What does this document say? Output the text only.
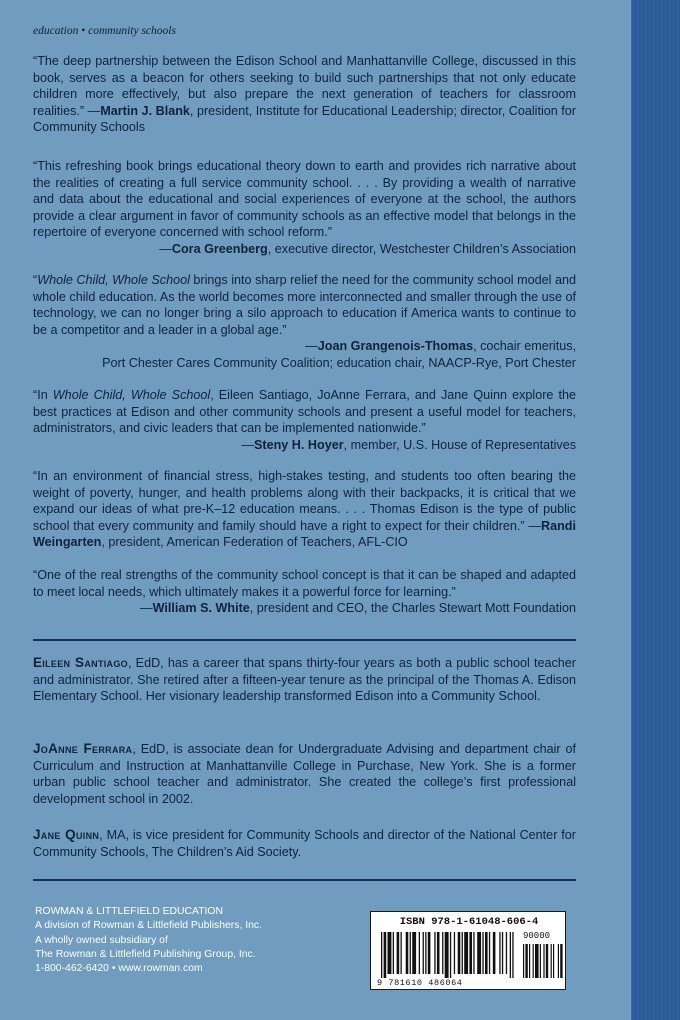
education • community schools
“The deep partnership between the Edison School and Manhattanville College, discussed in this book, serves as a beacon for others seeking to build such partnerships that not only educate children more effectively, but also prepare the next generation of teachers for classroom realities.” —Martin J. Blank, president, Institute for Educational Leadership; director, Coalition for Community Schools
“This refreshing book brings educational theory down to earth and provides rich narrative about the realities of creating a full service community school. . . . By providing a wealth of narrative and data about the educational and social experiences of everyone at the school, the authors provide a clear argument in favor of community schools as an effective model that belongs in the repertoire of everyone concerned with school reform.”
—Cora Greenberg, executive director, Westchester Children’s Association
“Whole Child, Whole School brings into sharp relief the need for the community school model and whole child education. As the world becomes more interconnected and smaller through the use of technology, we can no longer bring a silo approach to education if America wants to continue to be a competitor and a leader in a global age.”
—Joan Grangenois-Thomas, cochair emeritus,
Port Chester Cares Community Coalition; education chair, NAACP-Rye, Port Chester
“In Whole Child, Whole School, Eileen Santiago, JoAnne Ferrara, and Jane Quinn explore the best practices at Edison and other community schools and present a useful model for teachers, administrators, and civic leaders that can be implemented nationwide.”
—Steny H. Hoyer, member, U.S. House of Representatives
“In an environment of financial stress, high-stakes testing, and students too often bearing the weight of poverty, hunger, and health problems along with their backpacks, it is critical that we expand our ideas of what pre-K–12 education means. . . . Thomas Edison is the type of public school that every community and family should have a right to expect for their children.” —Randi Weingarten, president, American Federation of Teachers, AFL-CIO
“One of the real strengths of the community school concept is that it can be shaped and adapted to meet local needs, which ultimately makes it a powerful force for learning.”
—William S. White, president and CEO, the Charles Stewart Mott Foundation
Eileen Santiago, EdD, has a career that spans thirty-four years as both a public school teacher and administrator. She retired after a fifteen-year tenure as the principal of the Thomas A. Edison Elementary School. Her visionary leadership transformed Edison into a Community School.
JoAnne Ferrara, EdD, is associate dean for Undergraduate Advising and department chair of Curriculum and Instruction at Manhattanville College in Purchase, New York. She is a former urban public school teacher and administrator. She created the college’s first professional development school in 2002.
Jane Quinn, MA, is vice president for Community Schools and director of the National Center for Community Schools, The Children’s Aid Society.
ROWMAN & LITTLEFIELD EDUCATION
A division of Rowman & Littlefield Publishers, Inc.
A wholly owned subsidiary of
The Rowman & Littlefield Publishing Group, Inc.
1-800-462-6420 • www.rowman.com
ISBN 978-1-61048-606-4
90000
9 781610 486064
